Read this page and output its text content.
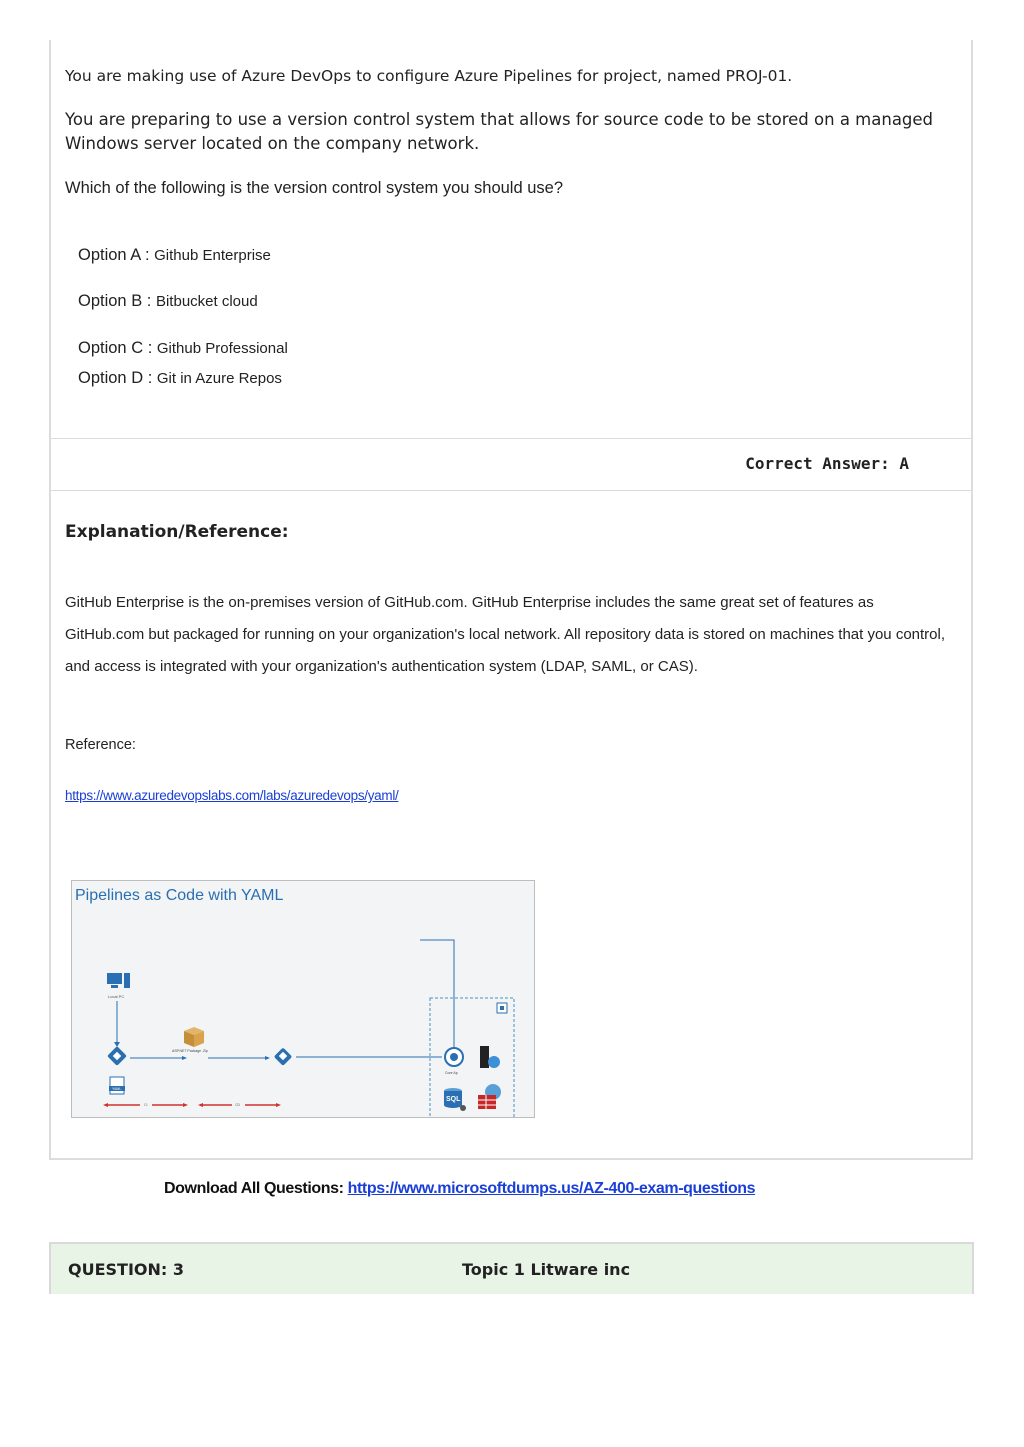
You are making use of Azure DevOps to configure Azure Pipelines for project, named PROJ-01.
You are preparing to use a version control system that allows for source code to be stored on a managed Windows server located on the company network.
Which of the following is the version control system you should use?
Option A : Github Enterprise
Option B : Bitbucket cloud
Option C : Github Professional
Option D : Git in Azure Repos
Correct Answer: A
Explanation/Reference:
GitHub Enterprise is the on-premises version of GitHub.com. GitHub Enterprise includes the same great set of features as GitHub.com but packaged for running on your organization's local network. All repository data is stored on machines that you control, and access is integrated with your organization's authentication system (LDAP, SAML, or CAS).
Reference:
https://www.azuredevopslabs.com/labs/azuredevops/yaml/
Pipelines as Code with YAML
Local PC
YAML
ASP.NET Package .Zip
Core Ap
SQL
CI	CD
Download All Questions: https://www.microsoftdumps.us/AZ-400-exam-questions
QUESTION: 3	Topic 1 Litware inc
